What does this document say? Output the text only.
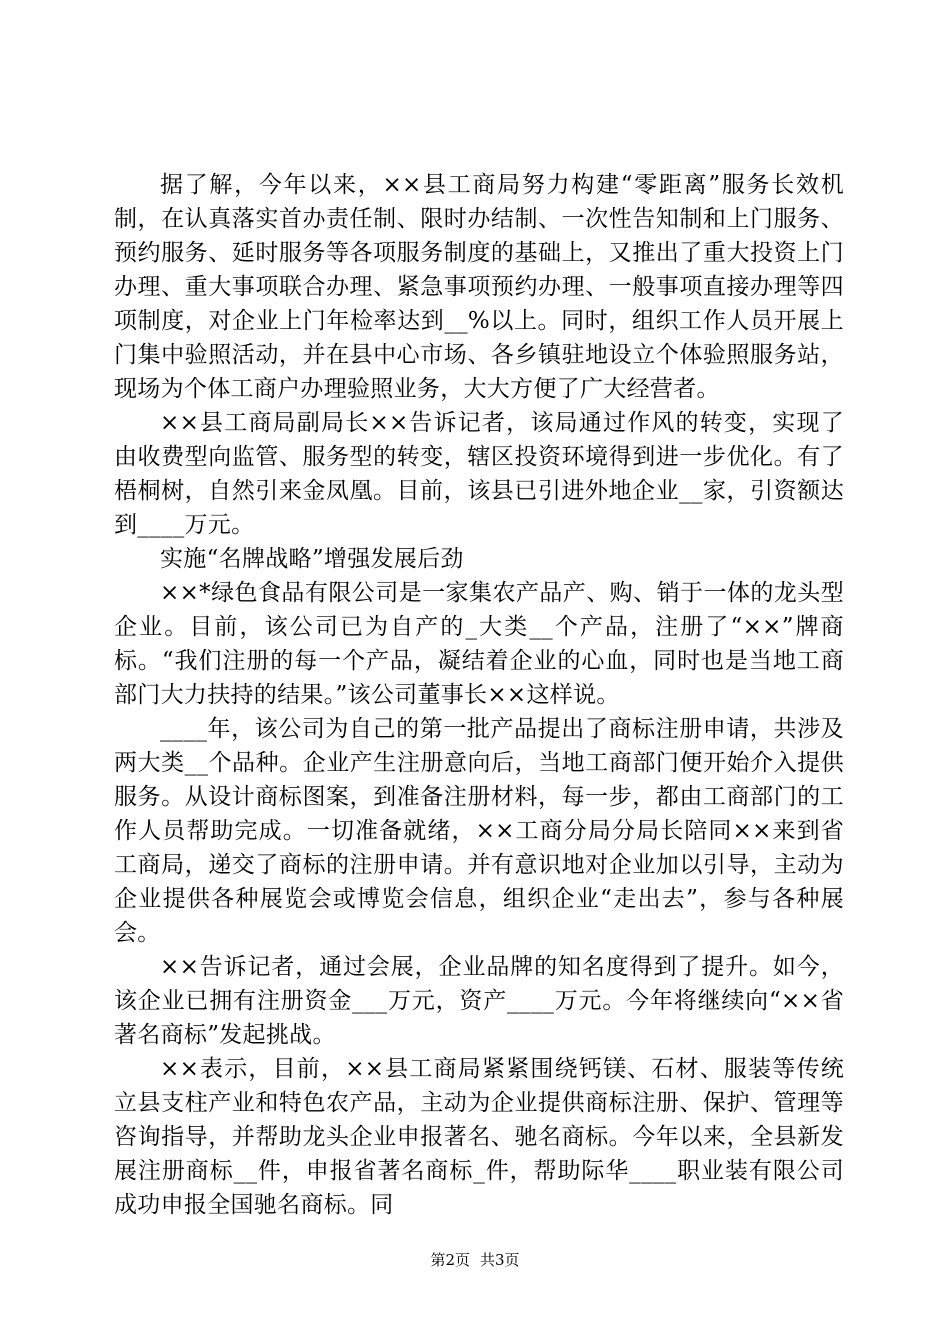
据了解，今年以来，××县工商局努力构建“零距离”服务长效机制，在认真落实首办责任制、限时办结制、一次性告知制和上门服务、预约服务、延时服务等各项服务制度的基础上，又推出了重大投资上门办理、重大事项联合办理、紧急事项预约办理、一般事项直接办理等四项制度，对企业上门年检率达到__%以上。同时，组织工作人员开展上门集中验照活动，并在县中心市场、各乡镇驻地设立个体验照服务站，现场为个体工商户办理验照业务，大大方便了广大经营者。

××县工商局副局长××告诉记者，该局通过作风的转变，实现了由收费型向监管、服务型的转变，辖区投资环境得到进一步优化。有了梧桐树，自然引来金凤凰。目前，该县已引进外地企业__家，引资额达到____万元。

实施“名牌战略”增强发展后劲

××*绿色食品有限公司是一家集农产品产、购、销于一体的龙头型企业。目前，该公司已为自产的_大类__个产品，注册了“××”牌商标。“我们注册的每一个产品，凝结着企业的心血，同时也是当地工商部门大力扶持的结果。”该公司董事长××这样说。

____年，该公司为自己的第一批产品提出了商标注册申请，共涉及两大类__个品种。企业产生注册意向后，当地工商部门便开始介入提供服务。从设计商标图案，到准备注册材料，每一步，都由工商部门的工作人员帮助完成。一切准备就绪，××工商分局分局长陪同××来到省工商局，递交了商标的注册申请。并有意识地对企业加以引导，主动为企业提供各种展览会或博览会信息，组织企业“走出去”，参与各种展会。

××告诉记者，通过会展，企业品牌的知名度得到了提升。如今，该企业已拥有注册资金___万元，资产____万元。今年将继续向“××省著名商标”发起挑战。

××表示，目前，××县工商局紧紧围绕钙镁、石材、服装等传统立县支柱产业和特色农产品，主动为企业提供商标注册、保护、管理等咨询指导，并帮助龙头企业申报著名、驰名商标。今年以来，全县新发展注册商标__件，申报省著名商标_件，帮助际华____职业装有限公司成功申报全国驰名商标。同

第2页 共3页
